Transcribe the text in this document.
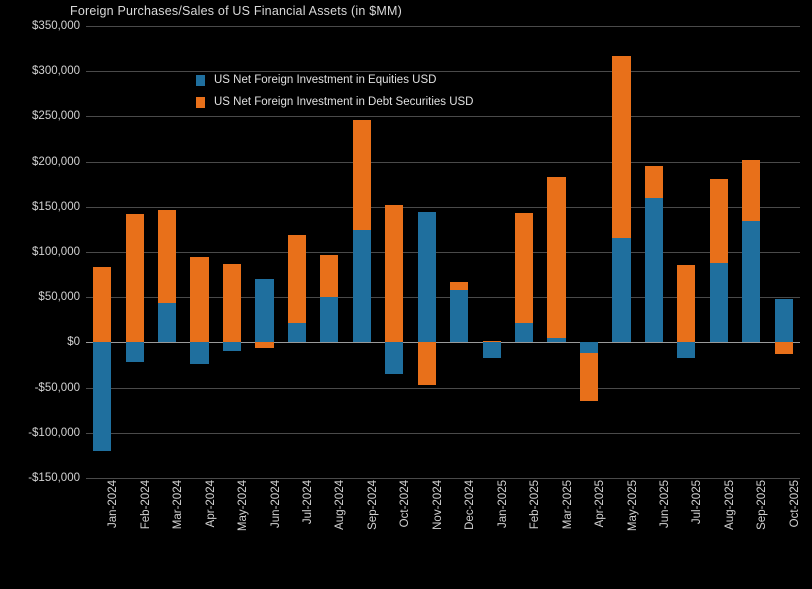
Foreign Purchases/Sales of US Financial Assets (in $MM)
$350,000
$300,000
$250,000
$200,000
$150,000
$100,000
$50,000
$0
-$50,000
-$100,000
-$150,000
Jan-2024 Feb-2024 Mar-2024 Apr-2024 May-2024 Jun-2024 Jul-2024 Aug-2024 Sep-2024 Oct-2024 Nov-2024 Dec-2024 Jan-2025 Feb-2025 Mar-2025 Apr-2025 May-2025 Jun-2025 Jul-2025 Aug-2025 Sep-2025 Oct-2025
US Net Foreign Investment in Equities USD
US Net Foreign Investment in Debt Securities USD
